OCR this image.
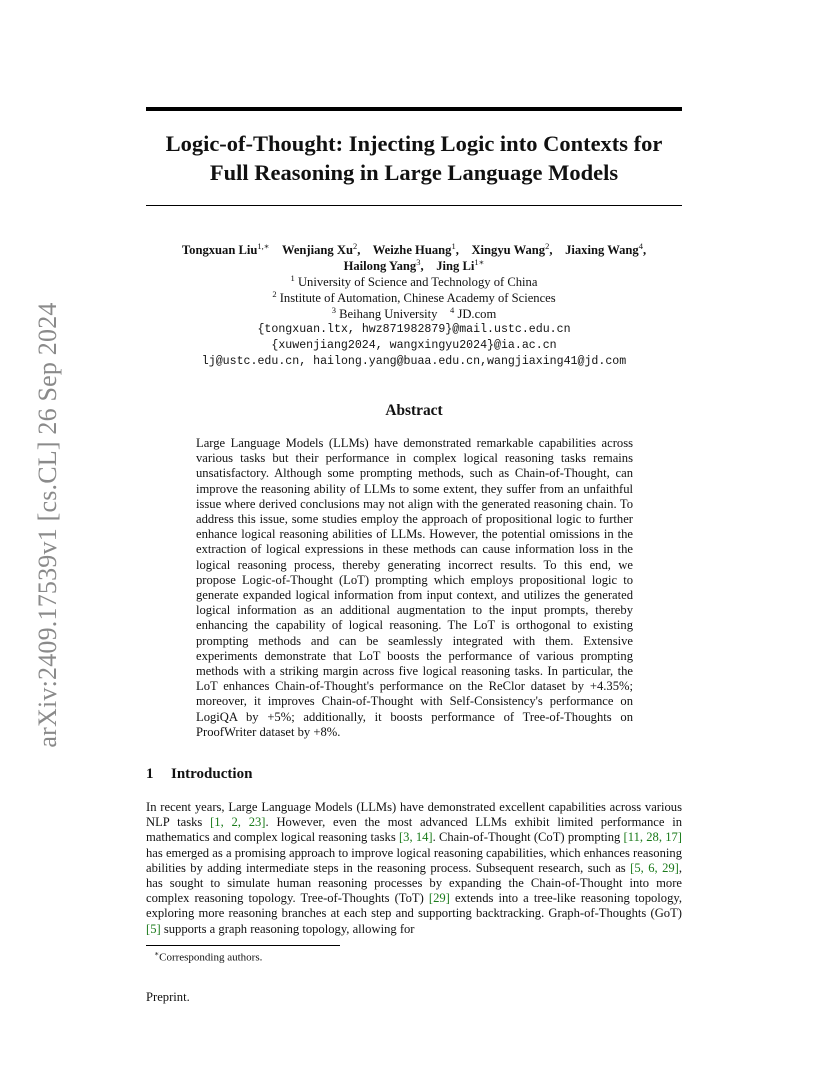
arXiv:2409.17539v1 [cs.CL] 26 Sep 2024
Logic-of-Thought: Injecting Logic into Contexts for
Full Reasoning in Large Language Models
Tongxuan Liu$^{1,∗}$ Wenjiang Xu$^2$,    Weizhe Huang$^1$,    Xingyu Wang$^2$,    Jiaxing Wang$^4$,
Hailong Yang$^3$,    Jing $Li^{1∗}$
$^1$ University of Science and Technology of China
$^2$ Institute of Automation, Chinese Academy of Sciences
$^3$ Beihang University $^4$ JD.com
{tongxuan.ltx, hwz871982879}@mail.ustc.edu.cn
{xuwenjiang2024, wangxingyu2024}@ia.ac.cn
lj@ustc.edu.cn, hailong.yang@buaa.edu.cn,wangjiaxing41@jd.com
Abstract
Large Language Models (LLMs) have demonstrated remarkable capabilities across various tasks but their performance in complex logical reasoning tasks remains unsatisfactory. Although some prompting methods, such as Chain-of-Thought, can improve the reasoning ability of LLMs to some extent, they suffer from an unfaithful issue where derived conclusions may not align with the generated reasoning chain. To address this issue, some studies employ the approach of propositional logic to further enhance logical reasoning abilities of LLMs. However, the potential omissions in the extraction of logical expressions in these methods can cause information loss in the logical reasoning process, thereby generating incorrect results. To this end, we propose Logic-of-Thought (LoT) prompting which employs propositional logic to generate expanded logical information from input context, and utilizes the generated logical information as an additional augmentation to the input prompts, thereby enhancing the capability of logical reasoning. The LoT is orthogonal to existing prompting methods and can be seamlessly integrated with them. Extensive experiments demonstrate that LoT boosts the performance of various prompting methods with a striking margin across five logical reasoning tasks. In particular, the LoT enhances Chain-of-Thought's performance on the ReClor dataset by +4.35%; moreover, it improves Chain-of-Thought with Self-Consistency's performance on LogiQA by +5%; additionally, it boosts performance of Tree-of-Thoughts on ProofWriter dataset by +8%.
1 Introduction
In recent years, Large Language Models (LLMs) have demonstrated excellent capabilities across various NLP tasks [1, 2, 23]. However, even the most advanced LLMs exhibit limited performance in mathematics and complex logical reasoning tasks [3, 14]. Chain-of-Thought (CoT) prompting [11, 28, 17] has emerged as a promising approach to improve logical reasoning capabilities, which enhances reasoning abilities by adding intermediate steps in the reasoning process. Subsequent research, such as [5, 6, 29], has sought to simulate human reasoning processes by expanding the Chain-of-Thought into more complex reasoning topology. Tree-of-Thoughts (ToT) [29] extends into a tree-like reasoning topology, exploring more reasoning branches at each step and supporting backtracking. Graph-of-Thoughts (GoT) [5] supports a graph reasoning topology, allowing for
∗Corresponding authors.
Preprint.
